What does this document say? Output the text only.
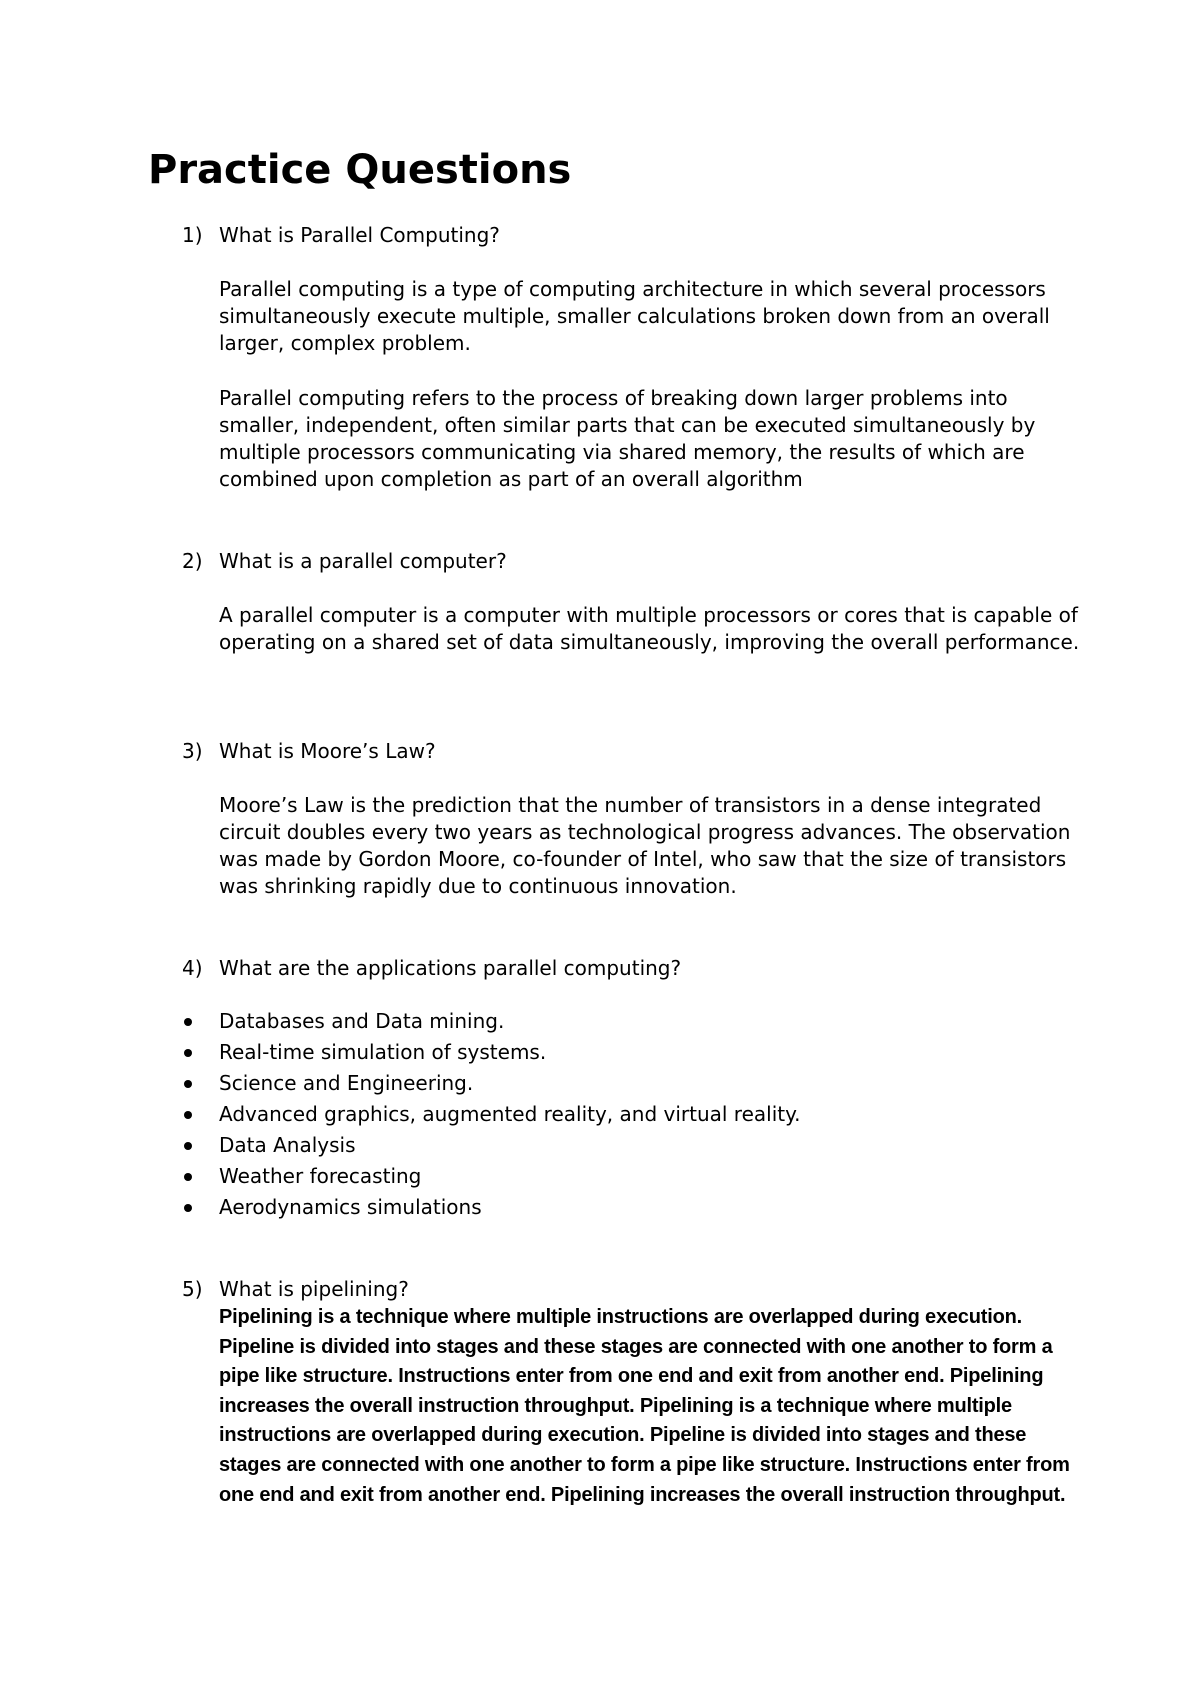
Practice Questions
1) What is Parallel Computing?

Parallel computing is a type of computing architecture in which several processors simultaneously execute multiple, smaller calculations broken down from an overall larger, complex problem.

Parallel computing refers to the process of breaking down larger problems into smaller, independent, often similar parts that can be executed simultaneously by multiple processors communicating via shared memory, the results of which are combined upon completion as part of an overall algorithm

2) What is a parallel computer?

A parallel computer is a computer with multiple processors or cores that is capable of operating on a shared set of data simultaneously, improving the overall performance.

3) What is Moore’s Law?

Moore’s Law is the prediction that the number of transistors in a dense integrated circuit doubles every two years as technological progress advances. The observation was made by Gordon Moore, co-founder of Intel, who saw that the size of transistors was shrinking rapidly due to continuous innovation.

4) What are the applications parallel computing?

Databases and Data mining.
Real-time simulation of systems.
Science and Engineering.
Advanced graphics, augmented reality, and virtual reality.
Data Analysis
Weather forecasting
Aerodynamics simulations
5) What is pipelining?

Pipelining is a technique where multiple instructions are overlapped during execution. Pipeline is divided into stages and these stages are connected with one another to form a pipe like structure. Instructions enter from one end and exit from another end. Pipelining increases the overall instruction throughput. Pipelining is a technique where multiple instructions are overlapped during execution. Pipeline is divided into stages and these stages are connected with one another to form a pipe like structure. Instructions enter from one end and exit from another end. Pipelining increases the overall instruction throughput.
